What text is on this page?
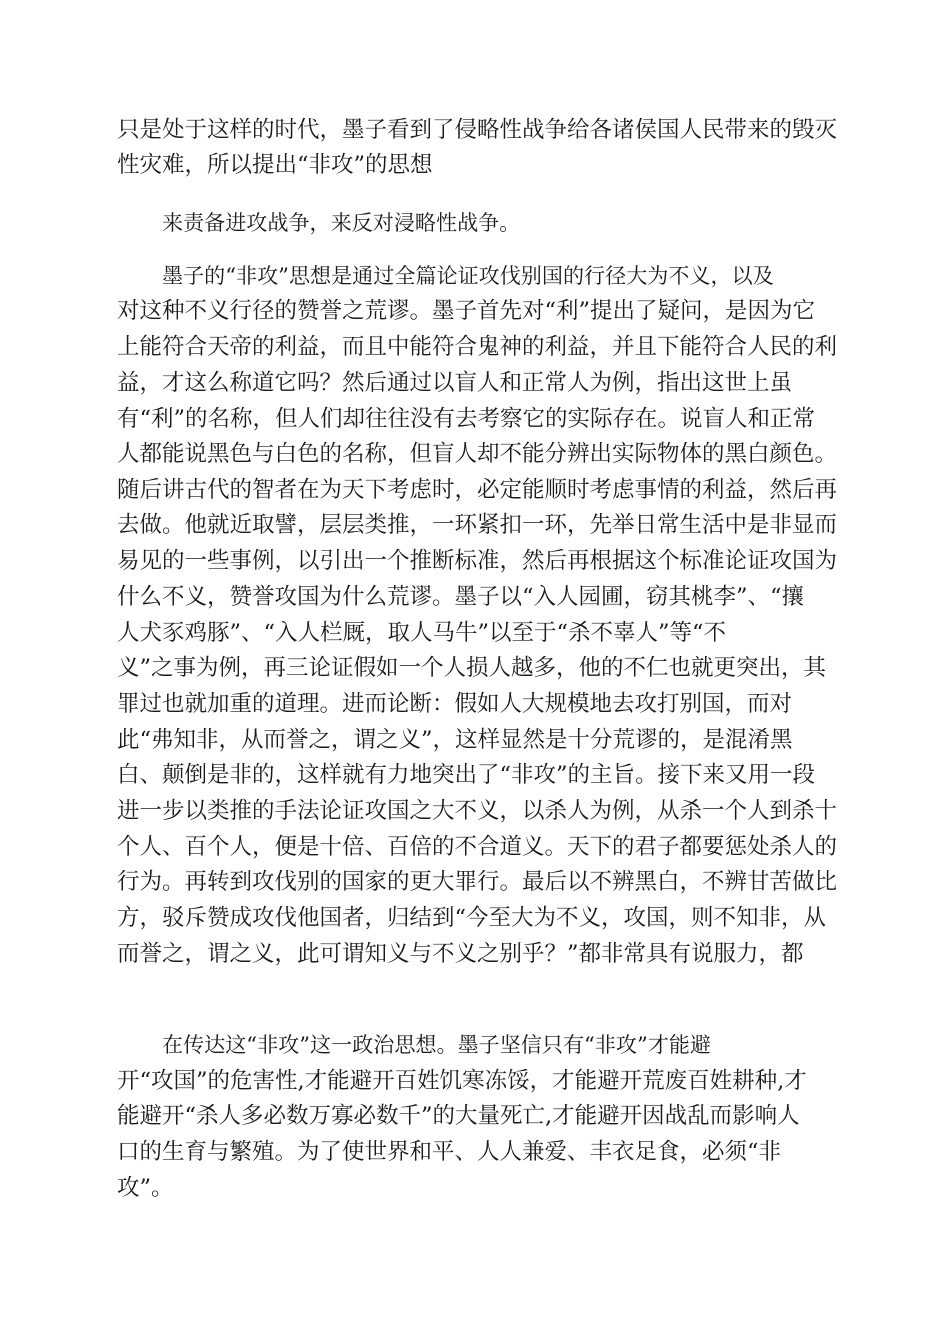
只是处于这样的时代，墨子看到了侵略性战争给各诸侯国人民带来的毁灭
性灾难，所以提出“非攻”的思想
来责备进攻战争，来反对浸略性战争。
墨子的“非攻”思想是通过全篇论证攻伐别国的行径大为不义，以及
对这种不义行径的赞誉之荒谬。墨子首先对“利”提出了疑问，是因为它
上能符合天帝的利益，而且中能符合鬼神的利益，并且下能符合人民的利
益，才这么称道它吗？然后通过以盲人和正常人为例，指出这世上虽
有“利”的名称，但人们却往往没有去考察它的实际存在。说盲人和正常
人都能说黑色与白色的名称，但盲人却不能分辨出实际物体的黑白颜色。
随后讲古代的智者在为天下考虑时，必定能顺时考虑事情的利益，然后再
去做。他就近取譬，层层类推，一环紧扣一环，先举日常生活中是非显而
易见的一些事例，以引出一个推断标准，然后再根据这个标准论证攻国为
什么不义，赞誉攻国为什么荒谬。墨子以“入人园圃，窃其桃李”、“攘
人犬豕鸡豚”、“入人栏厩，取人马牛”以至于“杀不辜人”等“不
义”之事为例，再三论证假如一个人损人越多，他的不仁也就更突出，其
罪过也就加重的道理。进而论断：假如人大规模地去攻打别国，而对
此“弗知非，从而誉之，谓之义”，这样显然是十分荒谬的，是混淆黑
白、颠倒是非的，这样就有力地突出了“非攻”的主旨。接下来又用一段
进一步以类推的手法论证攻国之大不义，以杀人为例，从杀一个人到杀十
个人、百个人，便是十倍、百倍的不合道义。天下的君子都要惩处杀人的
行为。再转到攻伐别的国家的更大罪行。最后以不辨黑白，不辨甘苦做比
方，驳斥赞成攻伐他国者，归结到“今至大为不义，攻国，则不知非，从
而誉之，谓之义，此可谓知义与不义之别乎？”都非常具有说服力，都
在传达这“非攻”这一政治思想。墨子坚信只有“非攻”才能避
开“攻国”的危害性,才能避开百姓饥寒冻馁，才能避开荒废百姓耕种,才
能避开“杀人多必数万寡必数千”的大量死亡,才能避开因战乱而影响人
口的生育与繁殖。为了使世界和平、人人兼爱、丰衣足食，必须“非
攻”。
